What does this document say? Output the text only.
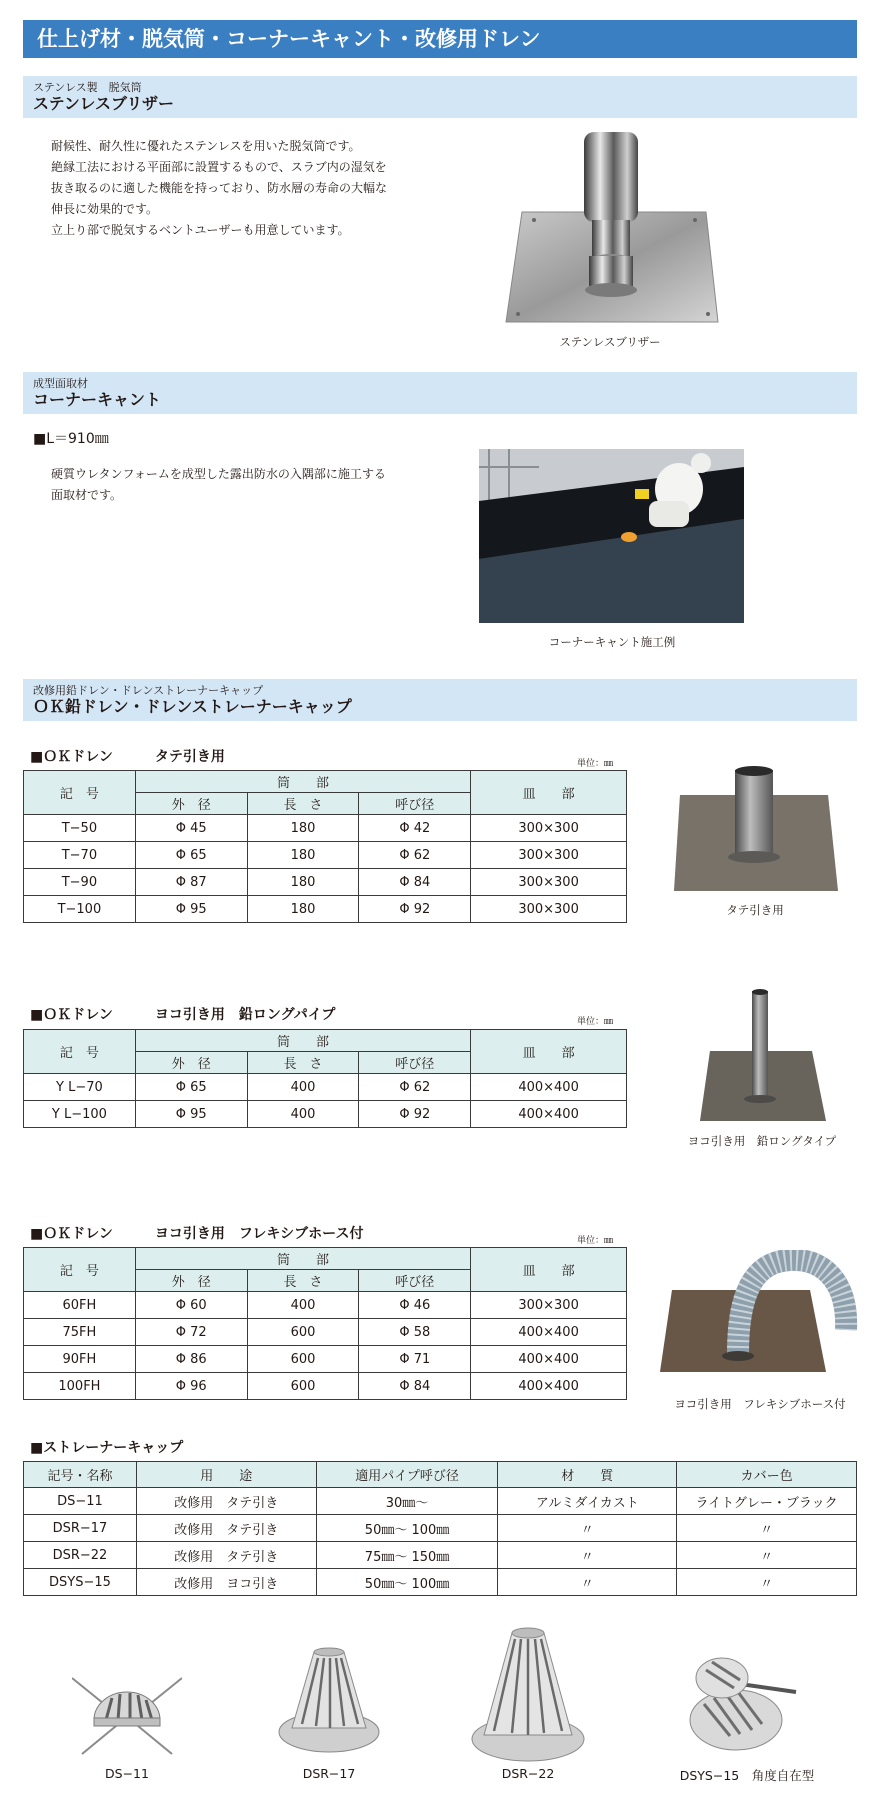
仕上げ材・脱気筒・コーナーキャント・改修用ドレン
ステンレス製　脱気筒
ステンレスブリザー
耐候性、耐久性に優れたステンレスを用いた脱気筒です。
絶縁工法における平面部に設置するもので、スラブ内の湿気を
抜き取るのに適した機能を持っており、防水層の寿命の大幅な
伸長に効果的です。
立上り部で脱気するベントユーザーも用意しています。
ステンレスブリザー
成型面取材
コーナーキャント
■L＝910㎜
硬質ウレタンフォームを成型した露出防水の入隅部に施工する
面取材です。
コーナーキャント施工例
改修用鉛ドレン・ドレンストレーナーキャップ
ＯＫ鉛ドレン・ドレンストレーナーキャップ
■ＯＫドレン　　　タテ引き用	単位：㎜
記　号	筒　　部			皿　　部
	外　径	長　さ	呼び径	
T−50	Φ 45	180	Φ 42	300×300
T−70	Φ 65	180	Φ 62	300×300
T−90	Φ 87	180	Φ 84	300×300
T−100	Φ 95	180	Φ 92	300×300	タテ引き用
■ＯＫドレン　　　ヨコ引き用　鉛ロングパイプ	単位：㎜
記　号	筒　　部			皿　　部
	外　径	長　さ	呼び径	
Y L−70	Φ 65	400	Φ 62	400×400
Y L−100	Φ 95	400	Φ 92	400×400
ヨコ引き用　鉛ロングタイプ
■ＯＫドレン　　　ヨコ引き用　フレキシブホース付	単位：㎜
記　号	筒　　部			皿　　部
	外　径	長　さ	呼び径	
60FH	Φ 60	400	Φ 46	300×300
75FH	Φ 72	600	Φ 58	400×400
90FH	Φ 86	600	Φ 71	400×400
100FH	Φ 96	600	Φ 84	400×400
ヨコ引き用　フレキシブホース付
■ストレーナーキャップ
記号・名称	用　　途	適用パイプ呼び径	材　　質	カバー色
DS−11	改修用　タテ引き	30㎜〜	アルミダイカスト	ライトグレー・ブラック
DSR−17	改修用　タテ引き	50㎜〜 100㎜	〃	〃
DSR−22	改修用　タテ引き	75㎜〜 150㎜	〃	〃
DSYS−15	改修用　ヨコ引き	50㎜〜 100㎜	〃	〃
DS−11	DSR−17	DSR−22	DSYS−15　角度自在型
